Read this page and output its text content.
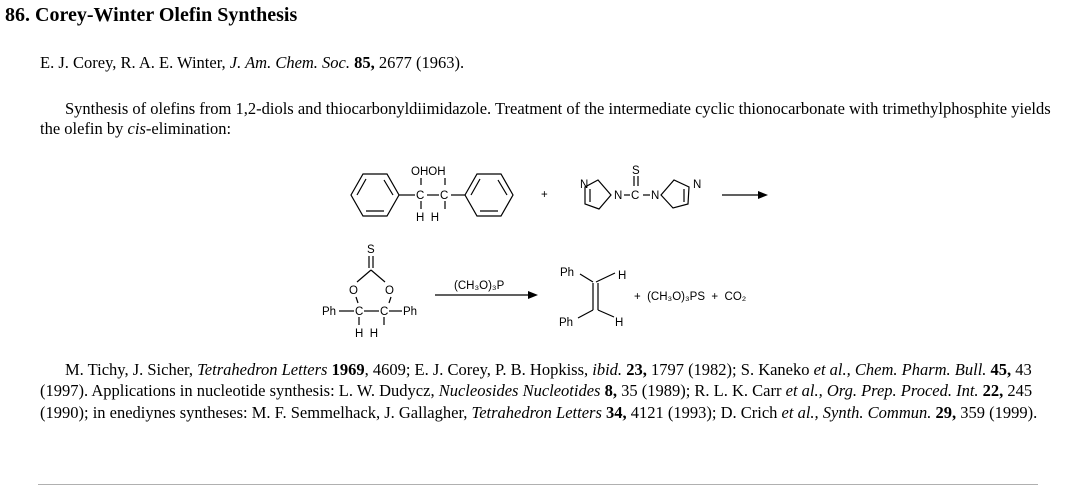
86. Corey-Winter Olefin Synthesis
E. J. Corey, R. A. E. Winter, J. Am. Chem. Soc. 85, 2677 (1963).
Synthesis of olefins from 1,2-diols and thiocarbonyldiimidazole. Treatment of the intermediate cyclic thionocarbonate with trimethylphosphite yields the olefin by cis-elimination:
C C
OHOH
H  H
+
N
N C
S
N
N
S
O O
Ph C C Ph
H  H
(CH₃O)₃P
Ph	H
Ph	H
+  (CH₃O)₃PS  +  CO₂
M. Tichy, J. Sicher, Tetrahedron Letters 1969, 4609; E. J. Corey, P. B. Hopkiss, ibid. 23, 1797 (1982); S. Kaneko et al., Chem. Pharm. Bull. 45, 43 (1997). Applications in nucleotide synthesis: L. W. Dudycz, Nucleosides Nucleotides 8, 35 (1989); R. L. K. Carr et al., Org. Prep. Proced. Int. 22, 245 (1990); in enediynes syntheses: M. F. Semmelhack, J. Gallagher, Tetrahedron Letters 34, 4121 (1993); D. Crich et al., Synth. Commun. 29, 359 (1999).
